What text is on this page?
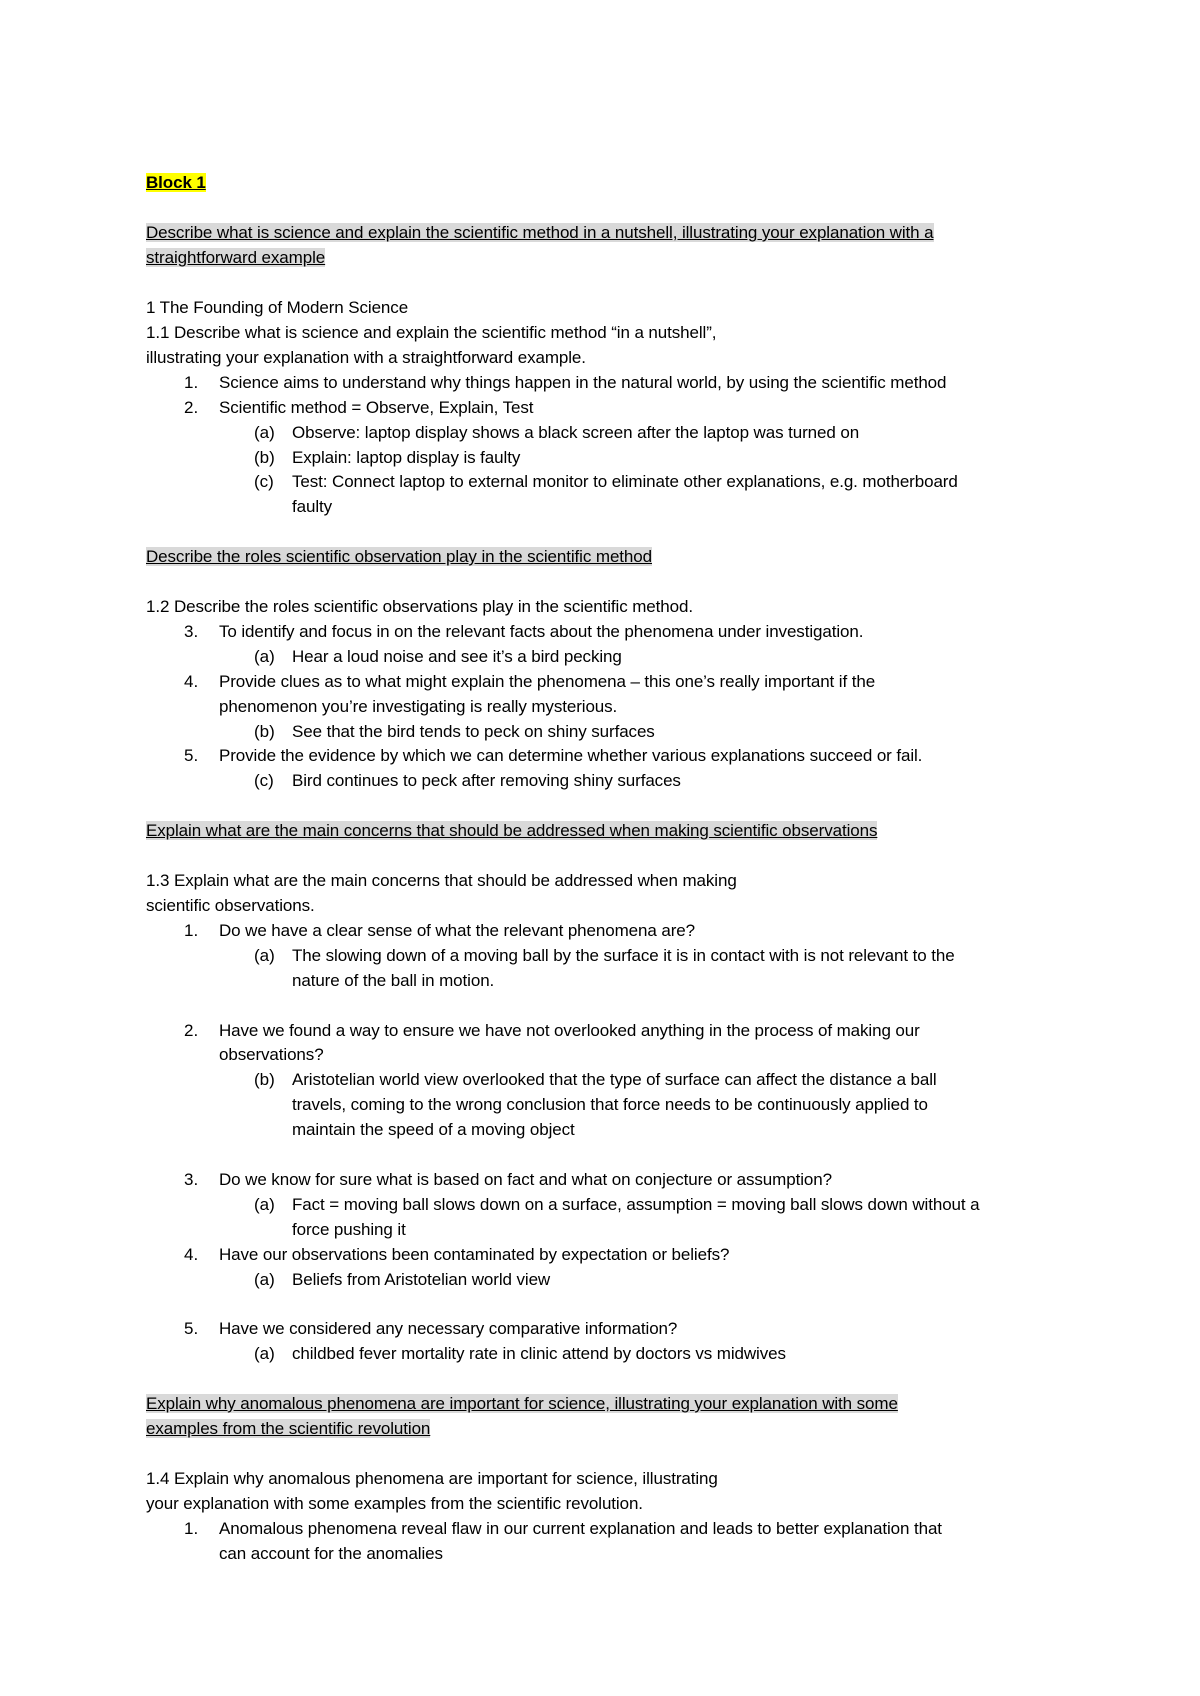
Block 1
Describe what is science and explain the scientific method in a nutshell, illustrating your explanation with a
straightforward example
1 The Founding of Modern Science
1.1 Describe what is science and explain the scientific method “in a nutshell”,
illustrating your explanation with a straightforward example.
1. Science aims to understand why things happen in the natural world, by using the scientific method
2. Scientific method = Observe, Explain, Test
(a) Observe: laptop display shows a black screen after the laptop was turned on
(b) Explain: laptop display is faulty
(c) Test: Connect laptop to external monitor to eliminate other explanations, e.g. motherboard
faulty
Describe the roles scientific observation play in the scientific method
1.2 Describe the roles scientific observations play in the scientific method.
3. To identify and focus in on the relevant facts about the phenomena under investigation.
(a) Hear a loud noise and see it’s a bird pecking
4. Provide clues as to what might explain the phenomena – this one’s really important if the
phenomenon you’re investigating is really mysterious.
(b) See that the bird tends to peck on shiny surfaces
5. Provide the evidence by which we can determine whether various explanations succeed or fail.
(c) Bird continues to peck after removing shiny surfaces
Explain what are the main concerns that should be addressed when making scientific observations
1.3 Explain what are the main concerns that should be addressed when making
scientific observations.
1. Do we have a clear sense of what the relevant phenomena are?
(a) The slowing down of a moving ball by the surface it is in contact with is not relevant to the
nature of the ball in motion.
2. Have we found a way to ensure we have not overlooked anything in the process of making our
observations?
(b) Aristotelian world view overlooked that the type of surface can affect the distance a ball
travels, coming to the wrong conclusion that force needs to be continuously applied to
maintain the speed of a moving object
3. Do we know for sure what is based on fact and what on conjecture or assumption?
(a) Fact = moving ball slows down on a surface, assumption = moving ball slows down without a
force pushing it
4. Have our observations been contaminated by expectation or beliefs?
(a) Beliefs from Aristotelian world view
5. Have we considered any necessary comparative information?
(a) childbed fever mortality rate in clinic attend by doctors vs midwives
Explain why anomalous phenomena are important for science, illustrating your explanation with some
examples from the scientific revolution
1.4 Explain why anomalous phenomena are important for science, illustrating
your explanation with some examples from the scientific revolution.
1. Anomalous phenomena reveal flaw in our current explanation and leads to better explanation that
can account for the anomalies
